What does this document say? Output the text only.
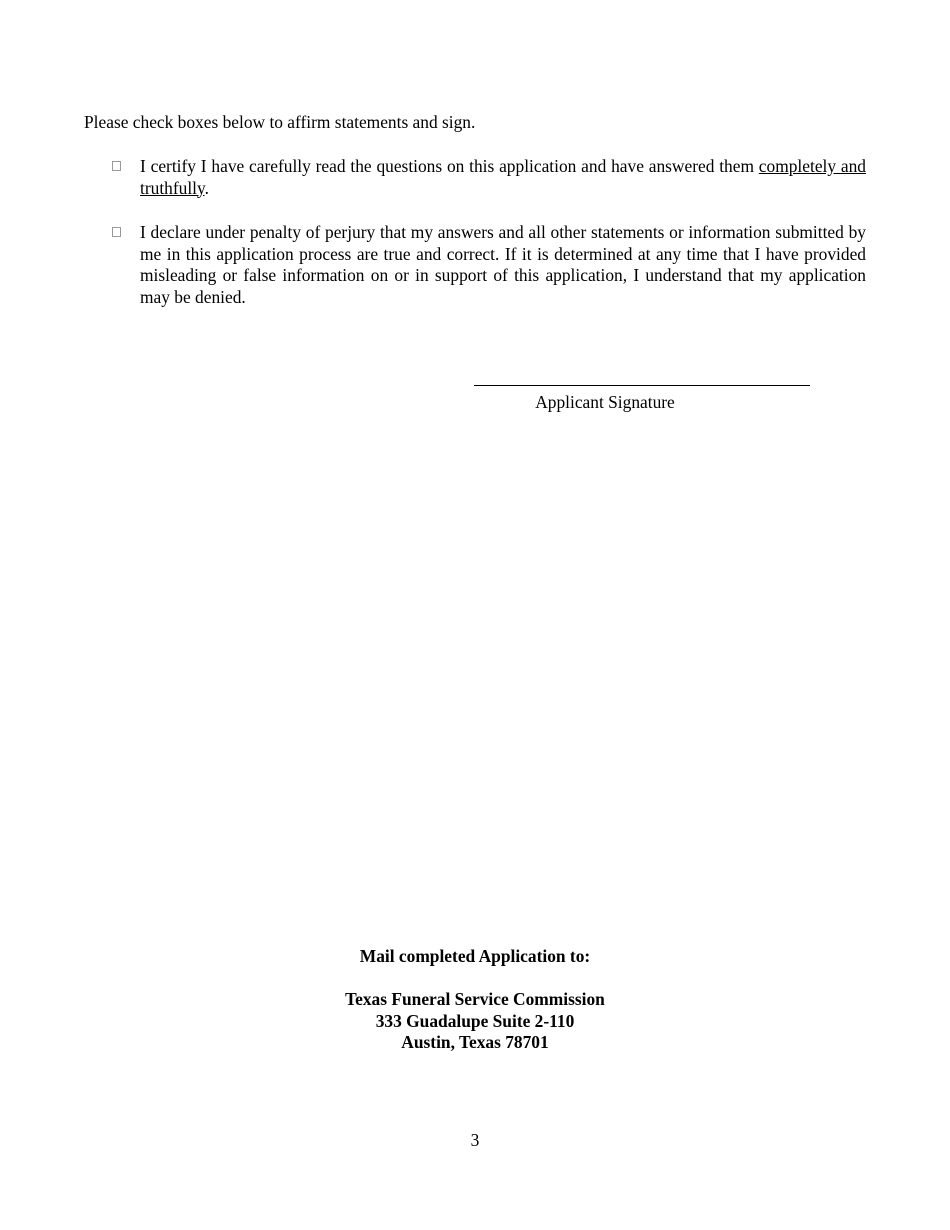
Please check boxes below to affirm statements and sign.
I certify I have carefully read the questions on this application and have answered them completely and truthfully.
I declare under penalty of perjury that my answers and all other statements or information submitted by me in this application process are true and correct. If it is determined at any time that I have provided misleading or false information on or in support of this application, I understand that my application may be denied.
Applicant Signature
Mail completed Application to:
Texas Funeral Service Commission
333 Guadalupe Suite 2-110
Austin, Texas 78701
3
